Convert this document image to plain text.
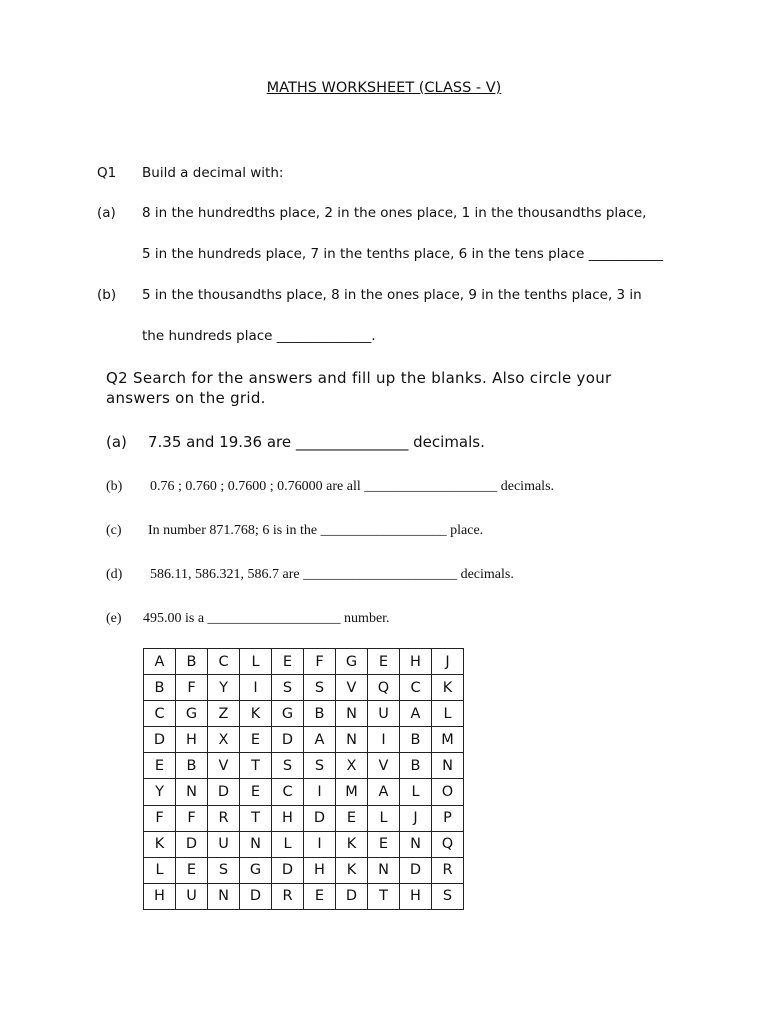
MATHS WORKSHEET (CLASS - V)
Q1 Build a decimal with:
(a) 8 in the hundredths place, 2 in the ones place, 1 in the thousandths place,
5 in the hundreds place, 7 in the tenths place, 6 in the tens place ___________
(b) 5 in the thousandths place, 8 in the ones place, 9 in the tenths place, 3 in
the hundreds place ______________.
Q2 Search for the answers and fill up the blanks. Also circle your
answers on the grid.
(a) 7.35 and 19.36 are _______________ decimals.
(b) 0.76 ; 0.760 ; 0.7600 ; 0.76000 are all ___________________ decimals.
(c) In number 871.768; 6 is in the __________________ place.
(d) 586.11, 586.321, 586.7 are ______________________ decimals.
(e) 495.00 is a ___________________ number.
A	B	C	L	E	F	G	E	H	J
B	F	Y	I	S	S	V	Q	C	K
C	G	Z	K	G	B	N	U	A	L
D	H	X	E	D	A	N	I	B	M
E	B	V	T	S	S	X	V	B	N
Y	N	D	E	C	I	M	A	L	O
F	F	R	T	H	D	E	L	J	P
K	D	U	N	L	I	K	E	N	Q
L	E	S	G	D	H	K	N	D	R
H	U	N	D	R	E	D	T	H	S
